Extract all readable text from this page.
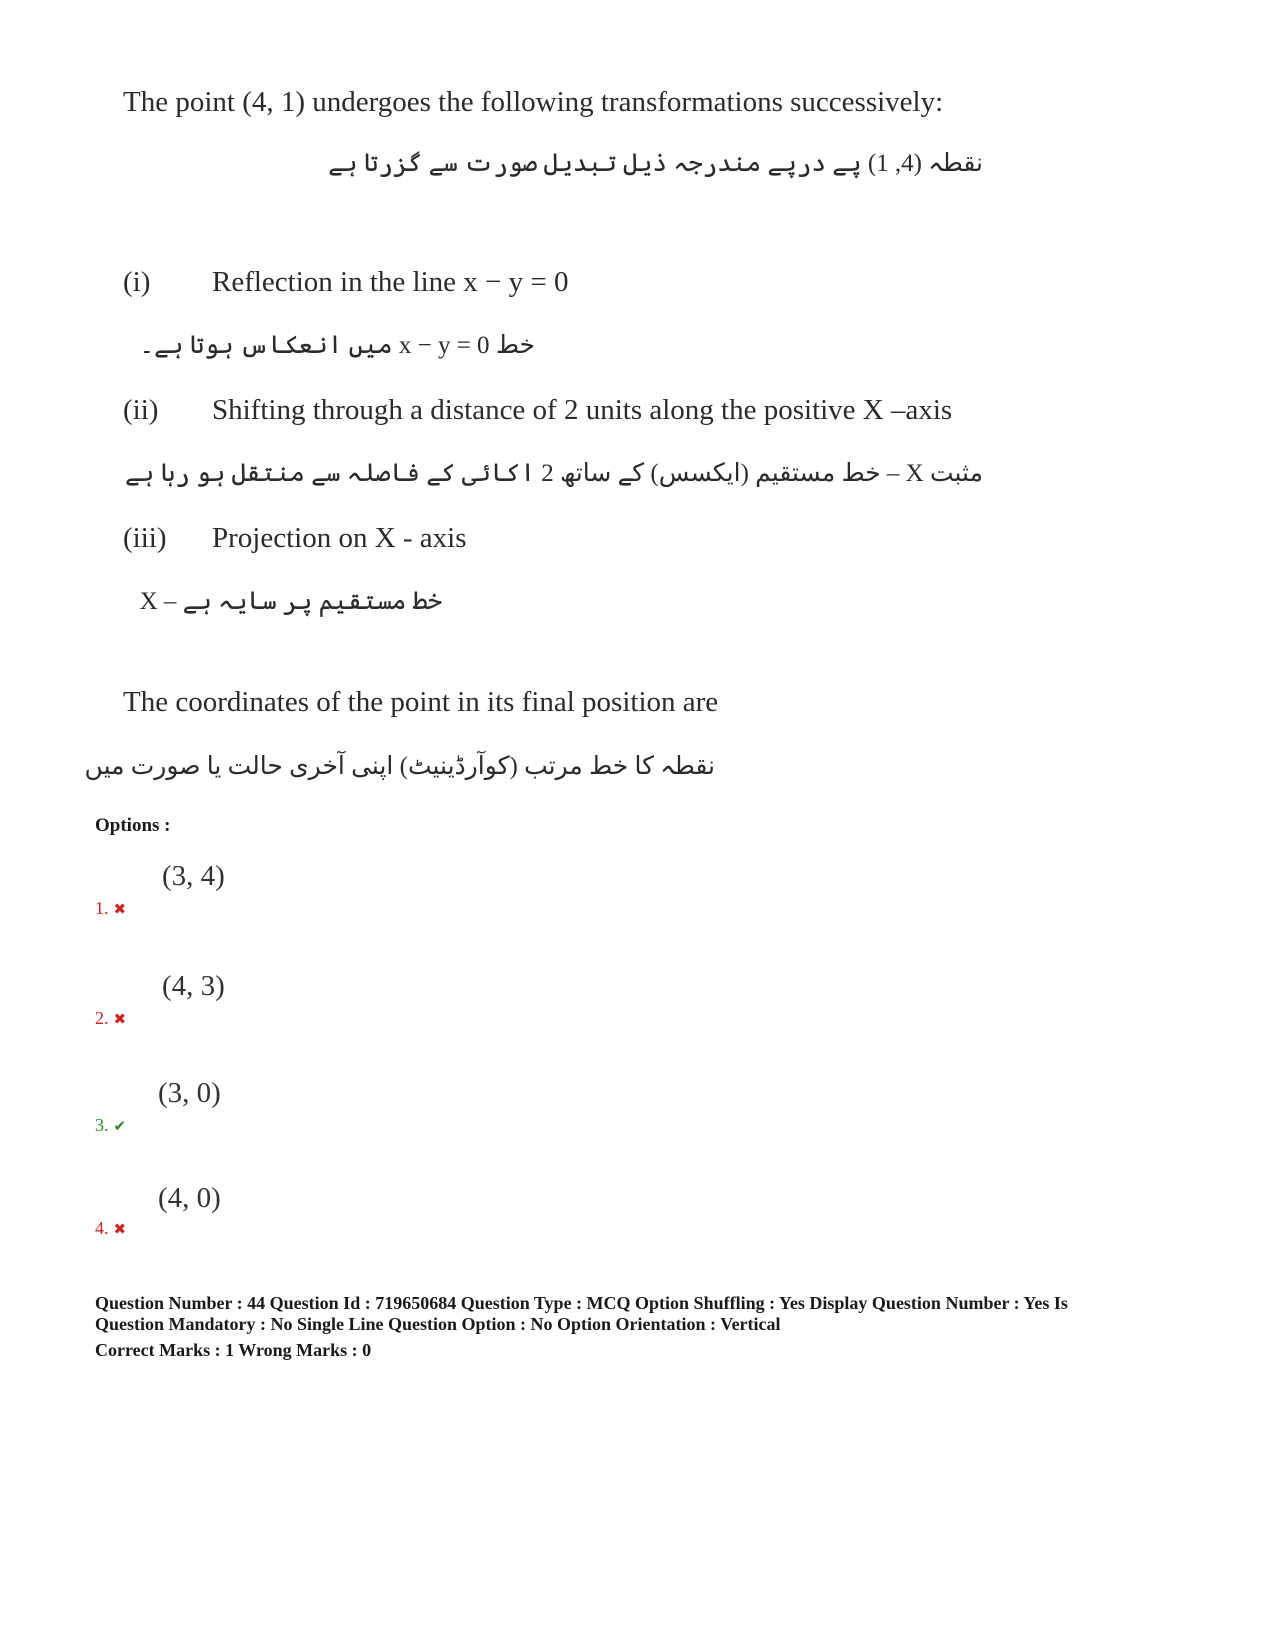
The point (4, 1) undergoes the following transformations successively:
نقطہ (4, 1) پے درپے مندرجہ ذیل تبدیل صورت سے گزرتا ہے
(i) Reflection in the line x − y = 0
خط x − y = 0 میں انعکاس ہوتا ہے۔
(ii) Shifting through a distance of 2 units along the positive X –axis
مثبت X – خط مستقیم (ایکسس) کے ساتھ 2 اکائی کے فاصلہ سے منتقل ہو رہا ہے
(iii) Projection on X - axis
X – خط مستقیم پر سایہ ہے
The coordinates of the point in its final position are
نقطہ کا خط مرتب (کوآرڈینیٹ) اپنی آخری حالت یا صورت میں
Options :
(3, 4)
1. ✖
(4, 3)
2. ✖
(3, 0)
3. ✔
(4, 0)
4. ✖
Question Number : 44 Question Id : 719650684 Question Type : MCQ Option Shuffling : Yes Display Question Number : Yes Is
Question Mandatory : No Single Line Question Option : No Option Orientation : Vertical
Correct Marks : 1 Wrong Marks : 0
